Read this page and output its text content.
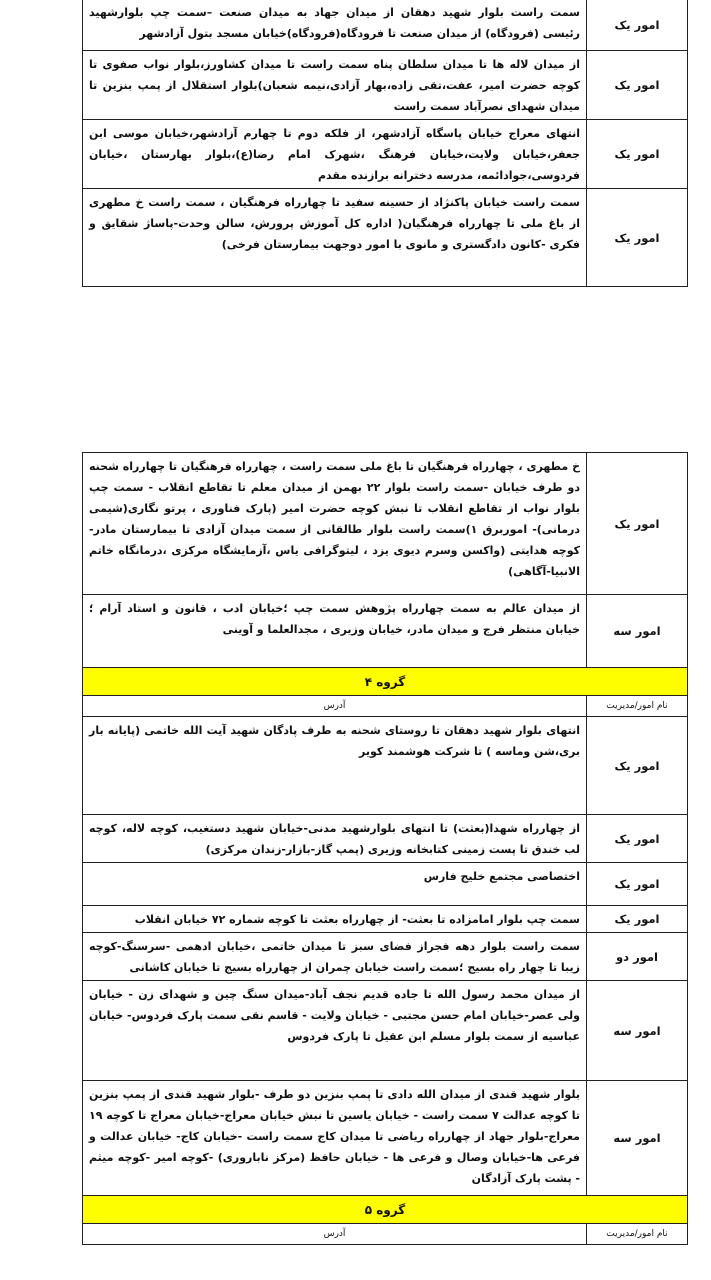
امور یک	سمت راست بلوار شهید دهقان از میدان جهاد به میدان صنعت –سمت چپ بلوارشهید رئیسی (فرودگاه) از میدان صنعت تا فرودگاه(فرودگاه)خیابان مسجد بتول آزادشهر
امور یک	از میدان لاله ها تا میدان سلطان پناه سمت راست تا میدان کشاورز،بلوار نواب صفوی تا کوچه حضرت امیر، عفت،تقی زاده،بهار آزادی،نیمه شعبان)بلوار استقلال از پمپ بنزین تا میدان شهدای نصرآباد سمت راست
امور یک	انتهای معراج خیابان پاسگاه آزادشهر، از فلکه دوم تا چهارم آزادشهر،خیابان موسی ابن جعفر،خیابان ولایت،خیابان فرهنگ ،شهرک امام رضا(ع)،بلوار بهارستان ،خیابان فردوسی،جوادائمه، مدرسه دخترانه برازنده مقدم
امور یک	سمت راست خیابان پاکنژاد از حسینه سفید تا چهارراه فرهنگیان ، سمت راست خ مطهری از باغ ملی تا چهارراه فرهنگیان( اداره کل آموزش پرورش، سالن وحدت-پاساژ شقایق و فکری -کانون دادگستری و مانوی با امور دوجهت بیمارستان فرخی)
امور یک	خ مطهری ، چهارراه فرهنگیان تا باغ ملی سمت راست ، چهارراه فرهنگیان تا چهارراه شحنه دو طرف خیابان -سمت راست بلوار ۲۲ بهمن از میدان معلم تا تقاطع انقلاب - سمت چپ بلوار نواب از تقاطع انقلاب تا نبش کوچه حضرت امیر (پارک فناوری ، پرتو نگاری(شیمی درمانی)- اموربرق ۱)سمت راست بلوار طالقانی از سمت میدان آزادی تا بیمارستان مادر-کوچه هدایتی (واکسن وسرم دیوی یزد ، لیتوگرافی یاس ،آزمایشگاه مرکزی ،درمانگاه خاتم الانبیا-آگاهی)
امور سه	از میدان عالم به سمت چهارراه پژوهش سمت چپ ؛خیابان ادب ، قانون و استاد آرام ؛خیابان منتظر فرج و میدان مادر، خیابان وزیری ، مجدالعلما و آوینی
گروه ۴	
نام امور/مدیریت	آدرس
امور یک	انتهای بلوار شهید دهقان تا روستای شحنه به طرف پادگان شهید آیت الله خاتمی (پایانه بار بری،شن وماسه ) تا شرکت هوشمند کویر
امور یک	از چهارراه شهدا(بعثت) تا انتهای بلوارشهید مدنی-خیابان شهید دستغیب، کوچه لاله، کوچه لب خندق تا پست زمینی کتابخانه وزیری (پمپ گاز-بازار-زندان مرکزی)
امور یک	اختصاصی مجتمع خلیج فارس
امور یک	سمت چپ بلوار امامزاده تا بعثت- از چهارراه بعثت تا کوچه شماره ۷۲ خیابان انقلاب
امور دو	سمت راست بلوار دهه فجراز فضای سبز تا میدان خاتمی ،خیابان ادهمی -سرسنگ-کوچه زیبا تا چهار راه بسیج ؛سمت راست خیابان چمران از چهارراه بسیج تا خیابان کاشانی
امور سه	از میدان محمد رسول الله تا جاده قدیم نجف آباد-میدان سنگ چین و شهدای زن - خیابان ولی عصر-خیابان امام حسن مجتبی - خیابان ولایت - قاسم نقی سمت پارک فردوس- خیابان عباسیه از سمت بلوار مسلم ابن عقیل تا پارک فردوس
امور سه	بلوار شهید قندی از میدان الله دادی تا پمپ بنزین دو طرف -بلوار شهید قندی از پمپ بنزین تا کوچه عدالت ۷ سمت راست - خیابان یاسین تا نبش خیابان معراج-خیابان معراج تا کوچه ۱۹ معراج-بلوار جهاد از چهارراه ریاضی تا میدان کاج سمت راست -خیابان کاج- خیابان عدالت و فرعی ها-خیابان وصال و فرعی ها - خیابان حافظ (مرکز ناباروری) -کوچه امیر -کوچه میثم - پشت پارک آزادگان
گروه ۵	
نام امور/مدیریت	آدرس
